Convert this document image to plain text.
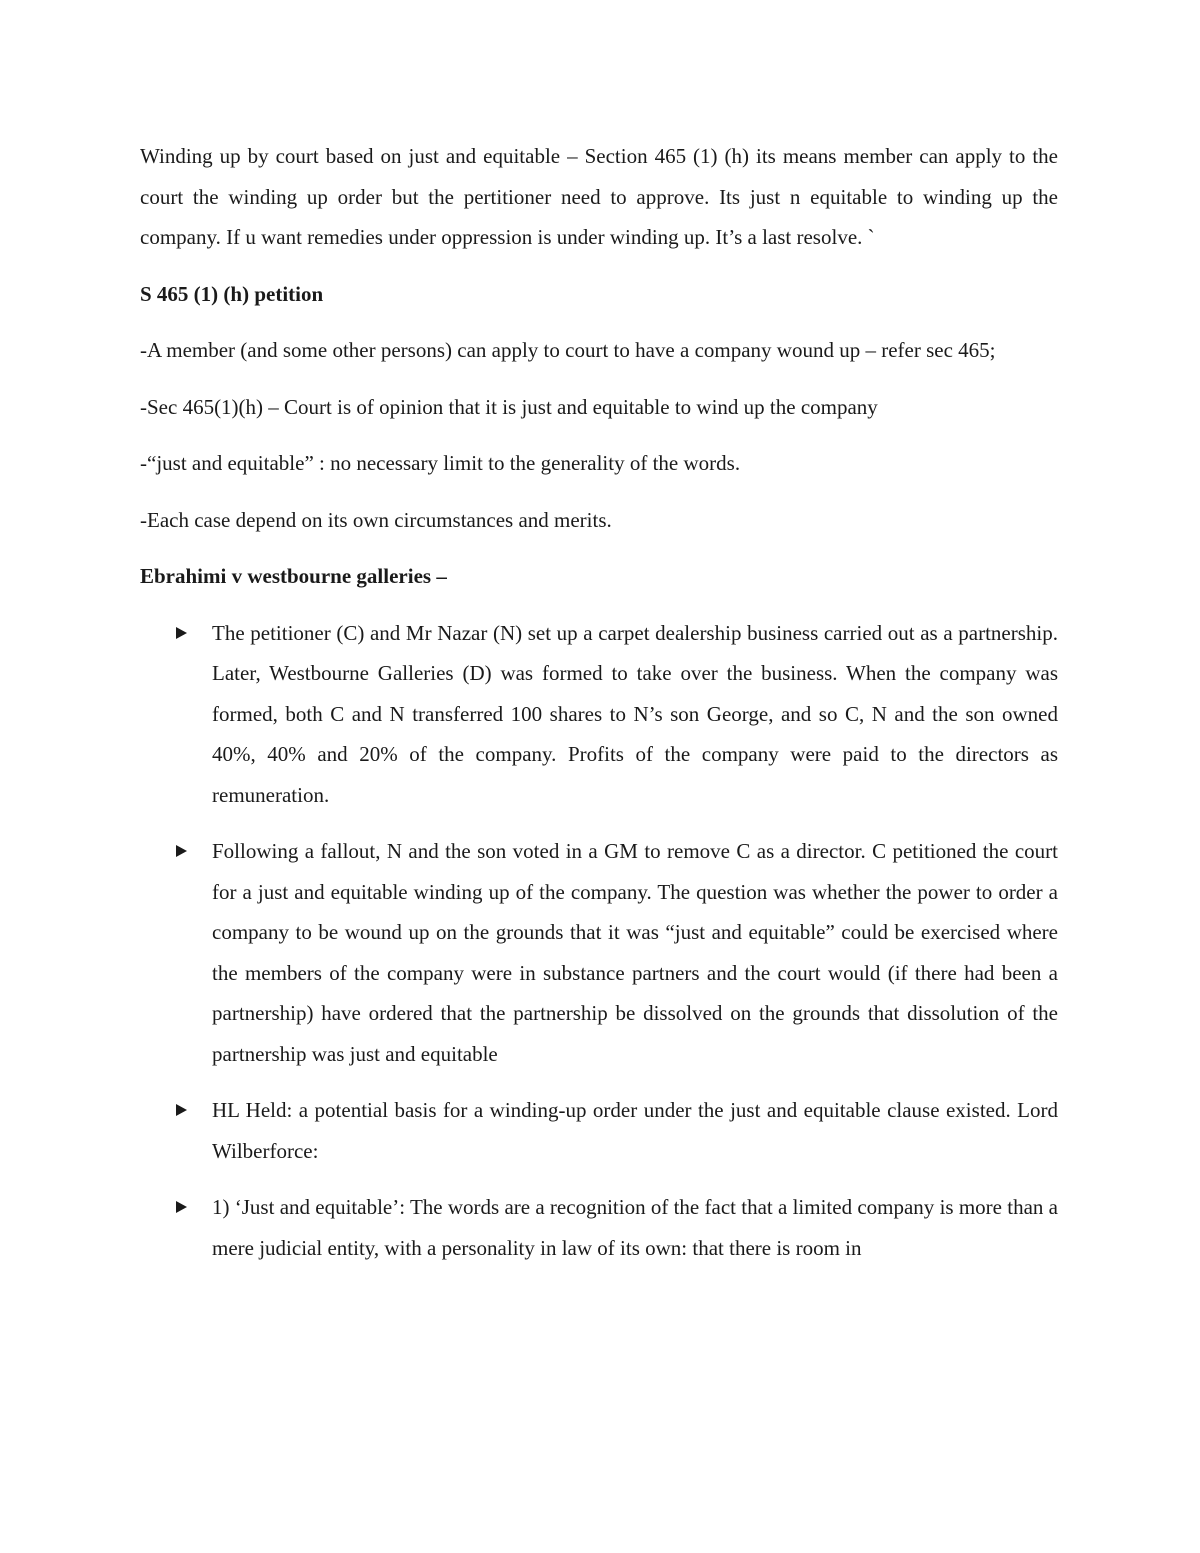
Winding up by court based on just and equitable – Section 465 (1) (h) its means member can apply to the court the winding up order but the pertitioner need to approve. Its just n equitable to winding up the company. If u want remedies under oppression is under winding up. It’s a last resolve. `

S 465 (1) (h) petition

-A member (and some other persons) can apply to court to have a company wound up – refer sec 465;

-Sec 465(1)(h) – Court is of opinion that it is just and equitable to wind up the company

-“just and equitable” : no necessary limit to the generality of the words.

-Each case depend on its own circumstances and merits.

Ebrahimi v westbourne galleries –

The petitioner (C) and Mr Nazar (N) set up a carpet dealership business carried out as a partnership. Later, Westbourne Galleries (D) was formed to take over the business. When the company was formed, both C and N transferred 100 shares to N’s son George, and so C, N and the son owned 40%, 40% and 20% of the company. Profits of the company were paid to the directors as remuneration.
Following a fallout, N and the son voted in a GM to remove C as a director. C petitioned the court for a just and equitable winding up of the company. The question was whether the power to order a company to be wound up on the grounds that it was “just and equitable” could be exercised where the members of the company were in substance partners and the court would (if there had been a partnership) have ordered that the partnership be dissolved on the grounds that dissolution of the partnership was just and equitable
HL Held: a potential basis for a winding-up order under the just and equitable clause existed. Lord Wilberforce:
1) ‘Just and equitable’: The words are a recognition of the fact that a limited company is more than a mere judicial entity, with a personality in law of its own: that there is room in
